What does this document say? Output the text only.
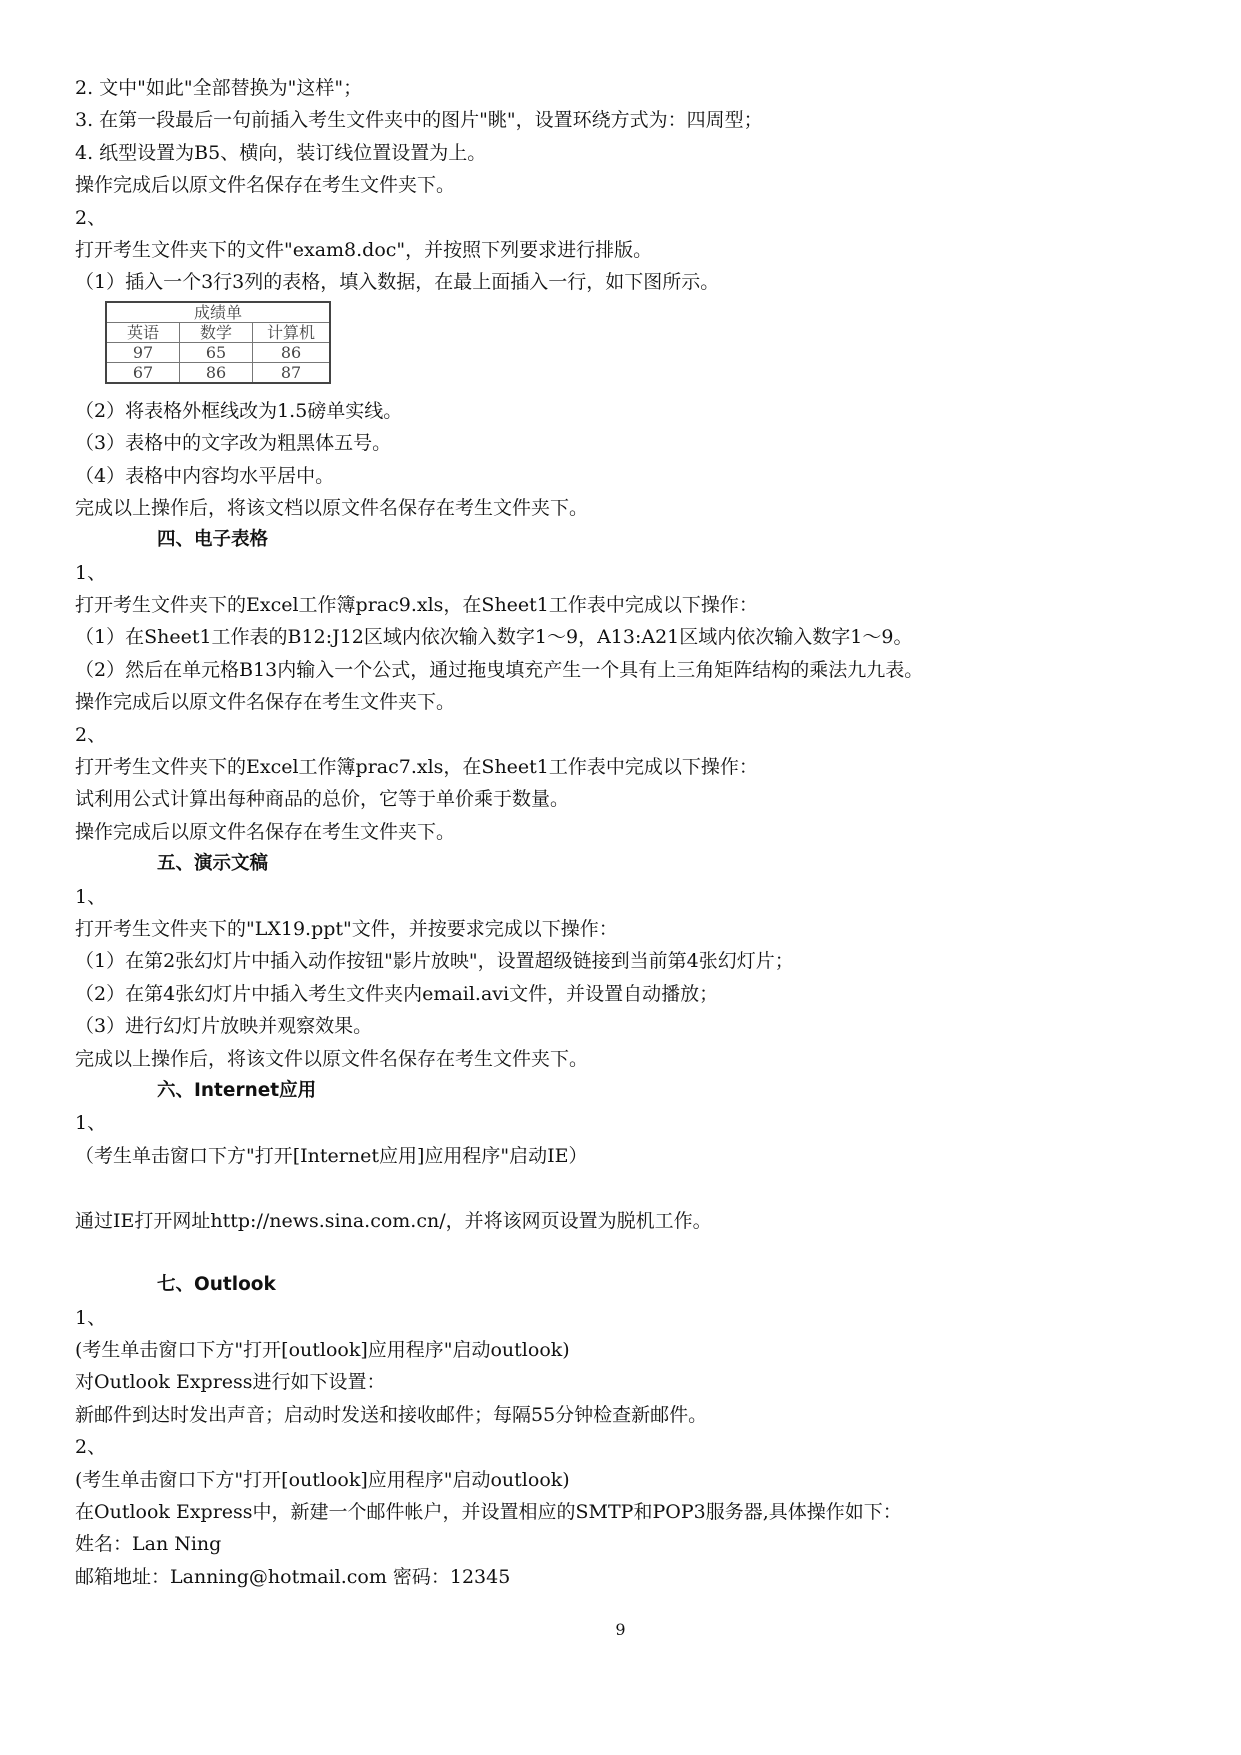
2. 文中"如此"全部替换为"这样"；
3. 在第一段最后一句前插入考生文件夹中的图片"眺"，设置环绕方式为：四周型；
4. 纸型设置为B5、横向，装订线位置设置为上。
操作完成后以原文件名保存在考生文件夹下。
2、
打开考生文件夹下的文件"exam8.doc"，并按照下列要求进行排版。
（1）插入一个3行3列的表格，填入数据，在最上面插入一行，如下图所示。
成绩单		
英语	数学	计算机
97	65	86
67	86	87
（2）将表格外框线改为1.5磅单实线。
（3）表格中的文字改为粗黑体五号。
（4）表格中内容均水平居中。
完成以上操作后，将该文档以原文件名保存在考生文件夹下。
四、电子表格
1、
打开考生文件夹下的Excel工作簿prac9.xls，在Sheet1工作表中完成以下操作：
（1）在Sheet1工作表的B12:J12区域内依次输入数字1～9，A13:A21区域内依次输入数字1～9。
（2）然后在单元格B13内输入一个公式，通过拖曳填充产生一个具有上三角矩阵结构的乘法九九表。
操作完成后以原文件名保存在考生文件夹下。
2、
打开考生文件夹下的Excel工作簿prac7.xls，在Sheet1工作表中完成以下操作：
试利用公式计算出每种商品的总价，它等于单价乘于数量。
操作完成后以原文件名保存在考生文件夹下。
五、演示文稿
1、
打开考生文件夹下的"LX19.ppt"文件，并按要求完成以下操作：
（1）在第2张幻灯片中插入动作按钮"影片放映"，设置超级链接到当前第4张幻灯片；
（2）在第4张幻灯片中插入考生文件夹内email.avi文件，并设置自动播放；
（3）进行幻灯片放映并观察效果。
完成以上操作后，将该文件以原文件名保存在考生文件夹下。
六、Internet应用
1、
（考生单击窗口下方"打开[Internet应用]应用程序"启动IE）
通过IE打开网址http://news.sina.com.cn/，并将该网页设置为脱机工作。
七、Outlook
1、
(考生单击窗口下方"打开[outlook]应用程序"启动outlook)
对Outlook Express进行如下设置：
新邮件到达时发出声音；启动时发送和接收邮件；每隔55分钟检查新邮件。
2、
(考生单击窗口下方"打开[outlook]应用程序"启动outlook)
在Outlook Express中，新建一个邮件帐户，并设置相应的SMTP和POP3服务器,具体操作如下：
姓名：Lan Ning
邮箱地址：Lanning@hotmail.com 密码：12345
9
